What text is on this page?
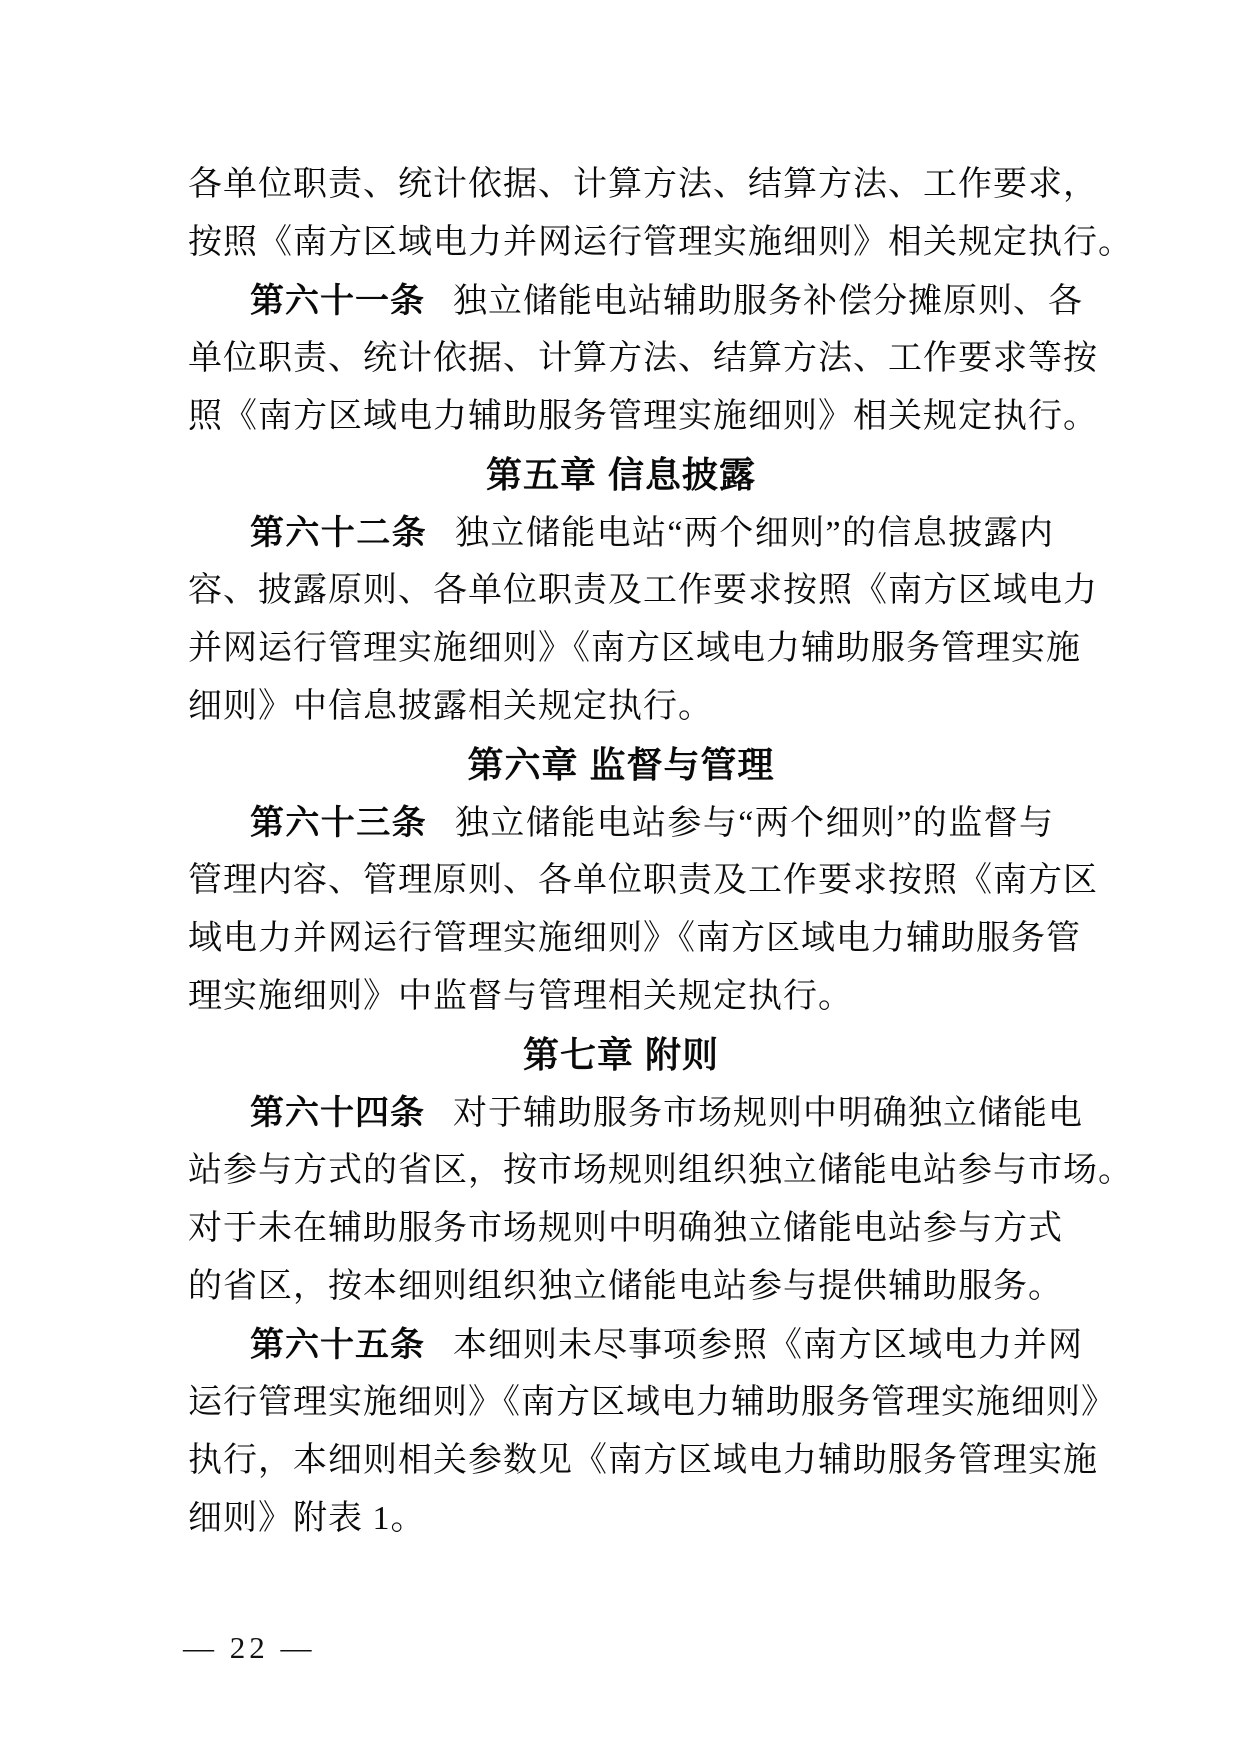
各单位职责、统计依据、计算方法、结算方法、工作要求，
按照《南方区域电力并网运行管理实施细则》相关规定执行。
第六十一条 独立储能电站辅助服务补偿分摊原则、各
单位职责、统计依据、计算方法、结算方法、工作要求等按
照《南方区域电力辅助服务管理实施细则》相关规定执行。
第五章 信息披露
第六十二条 独立储能电站“两个细则”的信息披露内
容、披露原则、各单位职责及工作要求按照《南方区域电力
并网运行管理实施细则》《南方区域电力辅助服务管理实施
细则》中信息披露相关规定执行。
第六章 监督与管理
第六十三条 独立储能电站参与“两个细则”的监督与
管理内容、管理原则、各单位职责及工作要求按照《南方区
域电力并网运行管理实施细则》《南方区域电力辅助服务管
理实施细则》中监督与管理相关规定执行。
第七章 附则
第六十四条 对于辅助服务市场规则中明确独立储能电
站参与方式的省区，按市场规则组织独立储能电站参与市场。
对于未在辅助服务市场规则中明确独立储能电站参与方式
的省区，按本细则组织独立储能电站参与提供辅助服务。
第六十五条 本细则未尽事项参照《南方区域电力并网
运行管理实施细则》《南方区域电力辅助服务管理实施细则》
执行，本细则相关参数见《南方区域电力辅助服务管理实施
细则》附表 1。
— 22 —
